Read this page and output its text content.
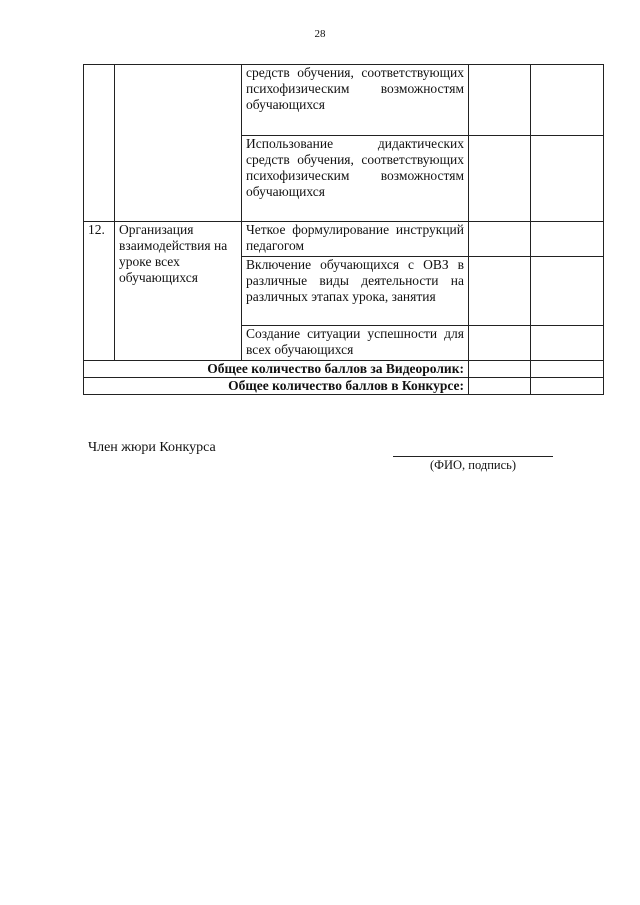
28
		средств обучения, соответствующих психофизическим возможностям обучающихся		
		Использование дидактических средств обучения, соответствующих психофизическим возможностям обучающихся		
12.	Организация взаимодействия на уроке всех обучающихся	Четкое формулирование инструкций педагогом		
		Включение обучающихся с ОВЗ в различные виды деятельности на различных этапах урока, занятия		
		Создание ситуации успешности для всех обучающихся		
Общее количество баллов за Видеоролик:				
Общее количество баллов в Конкурсе:				
Член жюри Конкурса
(ФИО, подпись)
